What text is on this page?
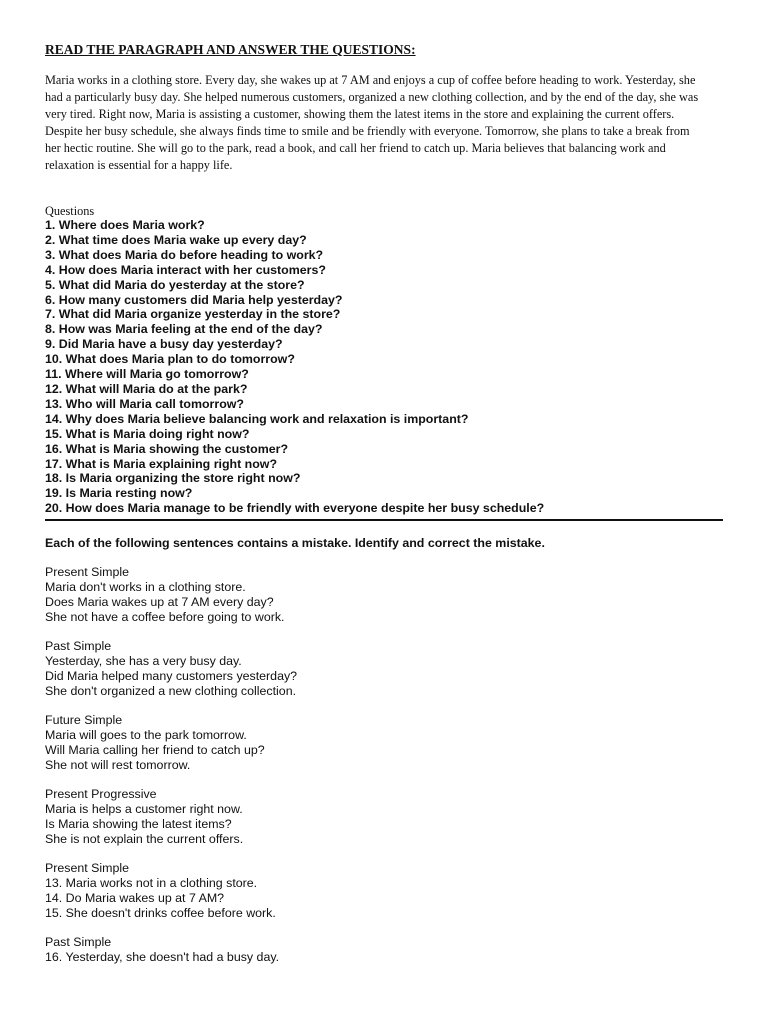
READ THE PARAGRAPH AND ANSWER THE QUESTIONS:
Maria works in a clothing store. Every day, she wakes up at 7 AM and enjoys a cup of coffee before heading to work. Yesterday, she
had a particularly busy day. She helped numerous customers, organized a new clothing collection, and by the end of the day, she was
very tired. Right now, Maria is assisting a customer, showing them the latest items in the store and explaining the current offers.
Despite her busy schedule, she always finds time to smile and be friendly with everyone. Tomorrow, she plans to take a break from
her hectic routine. She will go to the park, read a book, and call her friend to catch up. Maria believes that balancing work and
relaxation is essential for a happy life.
Questions
1. Where does Maria work?
2. What time does Maria wake up every day?
3. What does Maria do before heading to work?
4. How does Maria interact with her customers?
5. What did Maria do yesterday at the store?
6. How many customers did Maria help yesterday?
7. What did Maria organize yesterday in the store?
8. How was Maria feeling at the end of the day?
9. Did Maria have a busy day yesterday?
10. What does Maria plan to do tomorrow?
11. Where will Maria go tomorrow?
12. What will Maria do at the park?
13. Who will Maria call tomorrow?
14. Why does Maria believe balancing work and relaxation is important?
15. What is Maria doing right now?
16. What is Maria showing the customer?
17. What is Maria explaining right now?
18. Is Maria organizing the store right now?
19. Is Maria resting now?
20. How does Maria manage to be friendly with everyone despite her busy schedule?
Each of the following sentences contains a mistake. Identify and correct the mistake.
Present Simple
Maria don't works in a clothing store.
Does Maria wakes up at 7 AM every day?
She not have a coffee before going to work.
Past Simple
Yesterday, she has a very busy day.
Did Maria helped many customers yesterday?
She don't organized a new clothing collection.
Future Simple
Maria will goes to the park tomorrow.
Will Maria calling her friend to catch up?
She not will rest tomorrow.
Present Progressive
Maria is helps a customer right now.
Is Maria showing the latest items?
She is not explain the current offers.
Present Simple
13. Maria works not in a clothing store.
14. Do Maria wakes up at 7 AM?
15. She doesn't drinks coffee before work.
Past Simple
16. Yesterday, she doesn't had a busy day.
